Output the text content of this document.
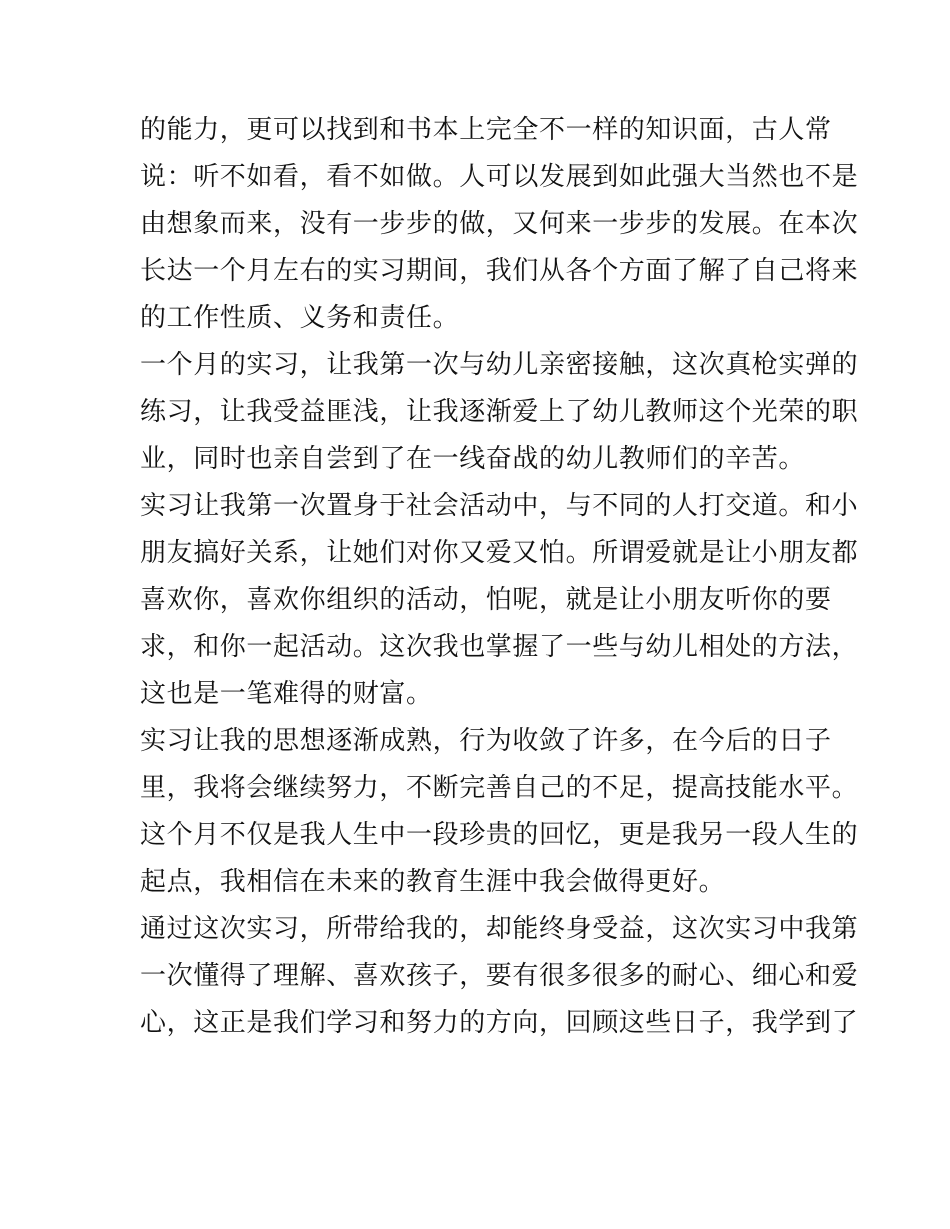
的能力，更可以找到和书本上完全不一样的知识面，古人常
说：听不如看，看不如做。人可以发展到如此强大当然也不是
由想象而来，没有一步步的做，又何来一步步的发展。在本次
长达一个月左右的实习期间，我们从各个方面了解了自己将来
的工作性质、义务和责任。
一个月的实习，让我第一次与幼儿亲密接触，这次真枪实弹的
练习，让我受益匪浅，让我逐渐爱上了幼儿教师这个光荣的职
业，同时也亲自尝到了在一线奋战的幼儿教师们的辛苦。
实习让我第一次置身于社会活动中，与不同的人打交道。和小
朋友搞好关系，让她们对你又爱又怕。所谓爱就是让小朋友都
喜欢你，喜欢你组织的活动，怕呢，就是让小朋友听你的要
求，和你一起活动。这次我也掌握了一些与幼儿相处的方法，
这也是一笔难得的财富。
实习让我的思想逐渐成熟，行为收敛了许多，在今后的日子
里，我将会继续努力，不断完善自己的不足，提高技能水平。
这个月不仅是我人生中一段珍贵的回忆，更是我另一段人生的
起点，我相信在未来的教育生涯中我会做得更好。
通过这次实习，所带给我的，却能终身受益，这次实习中我第
一次懂得了理解、喜欢孩子，要有很多很多的耐心、细心和爱
心，这正是我们学习和努力的方向，回顾这些日子，我学到了
